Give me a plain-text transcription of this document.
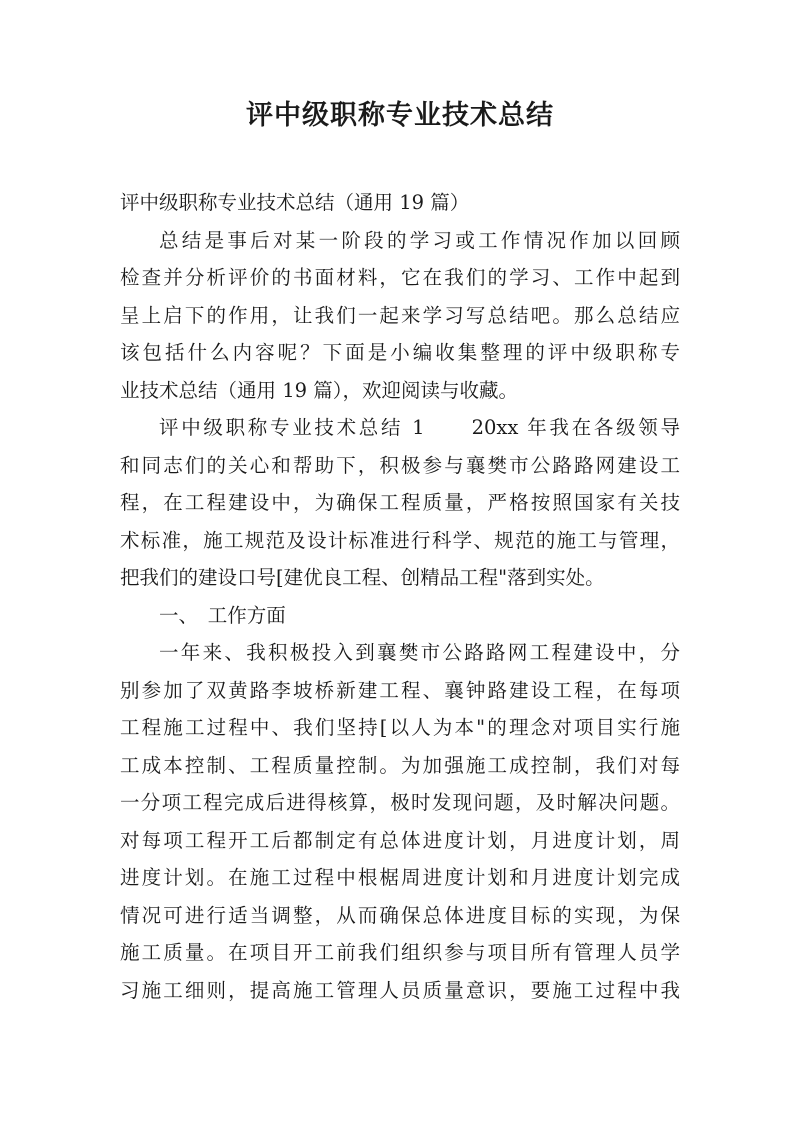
评中级职称专业技术总结
评中级职称专业技术总结（通用 19 篇）
总结是事后对某一阶段的学习或工作情况作加以回顾
检查并分析评价的书面材料，它在我们的学习、工作中起到
呈上启下的作用，让我们一起来学习写总结吧。那么总结应
该包括什么内容呢？下面是小编收集整理的评中级职称专
业技术总结（通用 19 篇），欢迎阅读与收藏。
评中级职称专业技术总结 1　　20xx 年我在各级领导
和同志们的关心和帮助下，积极参与襄樊市公路路网建设工
程，在工程建设中，为确保工程质量，严格按照国家有关技
术标准，施工规范及设计标准进行科学、规范的施工与管理，
把我们的建设口号[建优良工程、创精品工程"落到实处。
一、　工作方面
一年来、我积极投入到襄樊市公路路网工程建设中，分
别参加了双黄路李坡桥新建工程、襄钟路建设工程，在每项
工程施工过程中、我们坚持[以人为本"的理念对项目实行施
工成本控制、工程质量控制。为加强施工成控制，我们对每
一分项工程完成后进得核算，极时发现问题，及时解决问题。
对每项工程开工后都制定有总体进度计划，月进度计划，周
进度计划。在施工过程中根椐周进度计划和月进度计划完成
情况可进行适当调整，从而确保总体进度目标的实现，为保
施工质量。在项目开工前我们组织参与项目所有管理人员学
习施工细则，提高施工管理人员质量意识，要施工过程中我
